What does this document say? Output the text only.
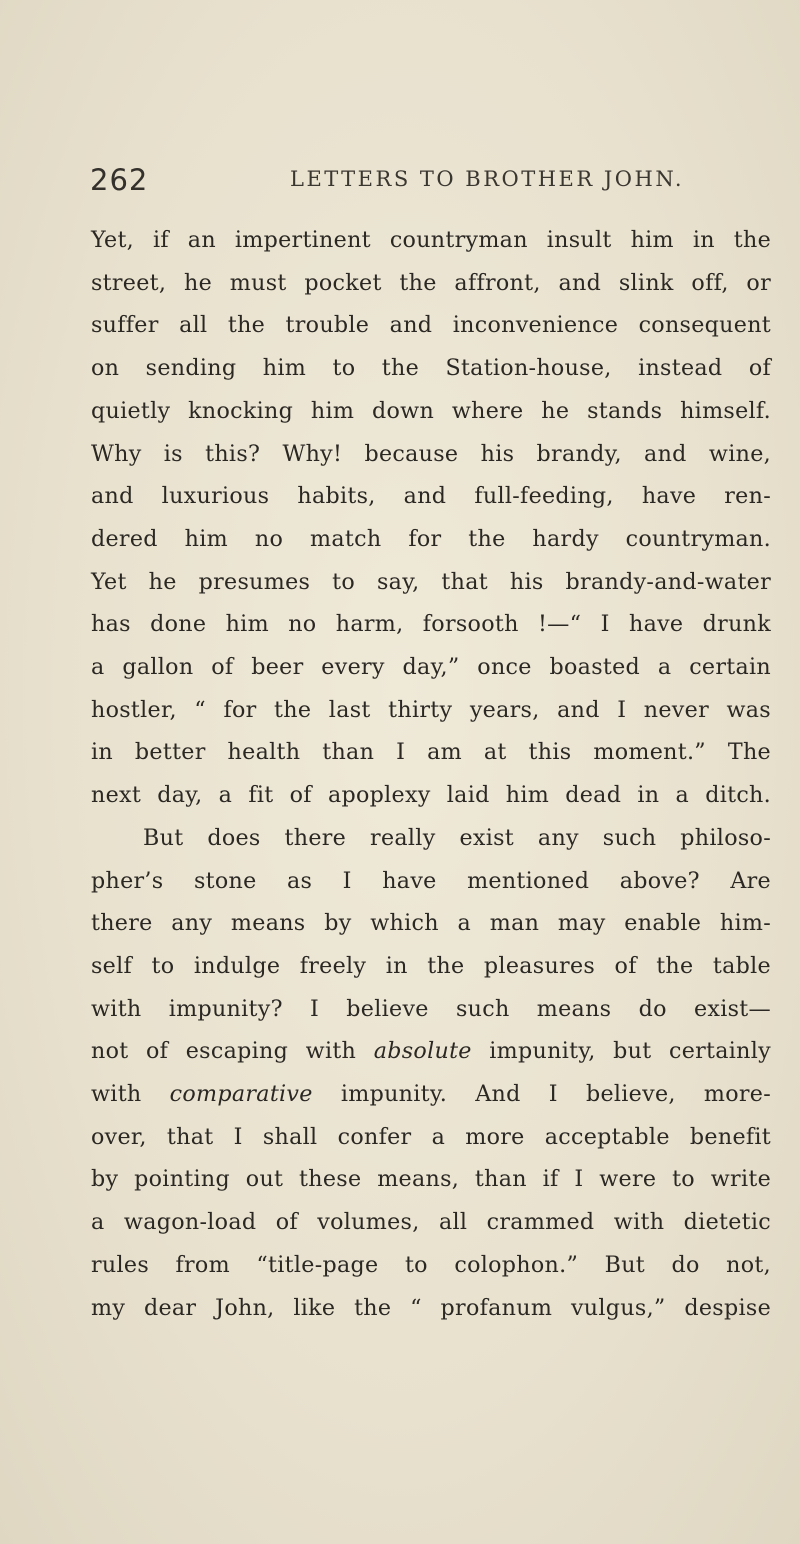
262	LETTERS TO BROTHER JOHN.
Yet, if an impertinent countryman insult him in the
street, he must pocket the affront, and slink off, or
suffer all the trouble and inconvenience consequent
on sending him to the Station-house, instead of
quietly knocking him down where he stands himself.
Why is this? Why! because his brandy, and wine,
and luxurious habits, and full-feeding, have ren-
dered him no match for the hardy countryman.
Yet he presumes to say, that his brandy-and-water
has done him no harm, forsooth !—“ I have drunk
a gallon of beer every day,” once boasted a certain
hostler, “ for the last thirty years, and I never was
in better health than I am at this moment.” The
next day, a fit of apoplexy laid him dead in a ditch.
But does there really exist any such philoso-
pher’s stone as I have mentioned above? Are
there any means by which a man may enable him-
self to indulge freely in the pleasures of the table
with impunity? I believe such means do exist—
not of escaping with absolute impunity, but certainly
with comparative impunity. And I believe, more-
over, that I shall confer a more acceptable benefit
by pointing out these means, than if I were to write
a wagon-load of volumes, all crammed with dietetic
rules from “title-page to colophon.” But do not,
my dear John, like the “ profanum vulgus,” despise
